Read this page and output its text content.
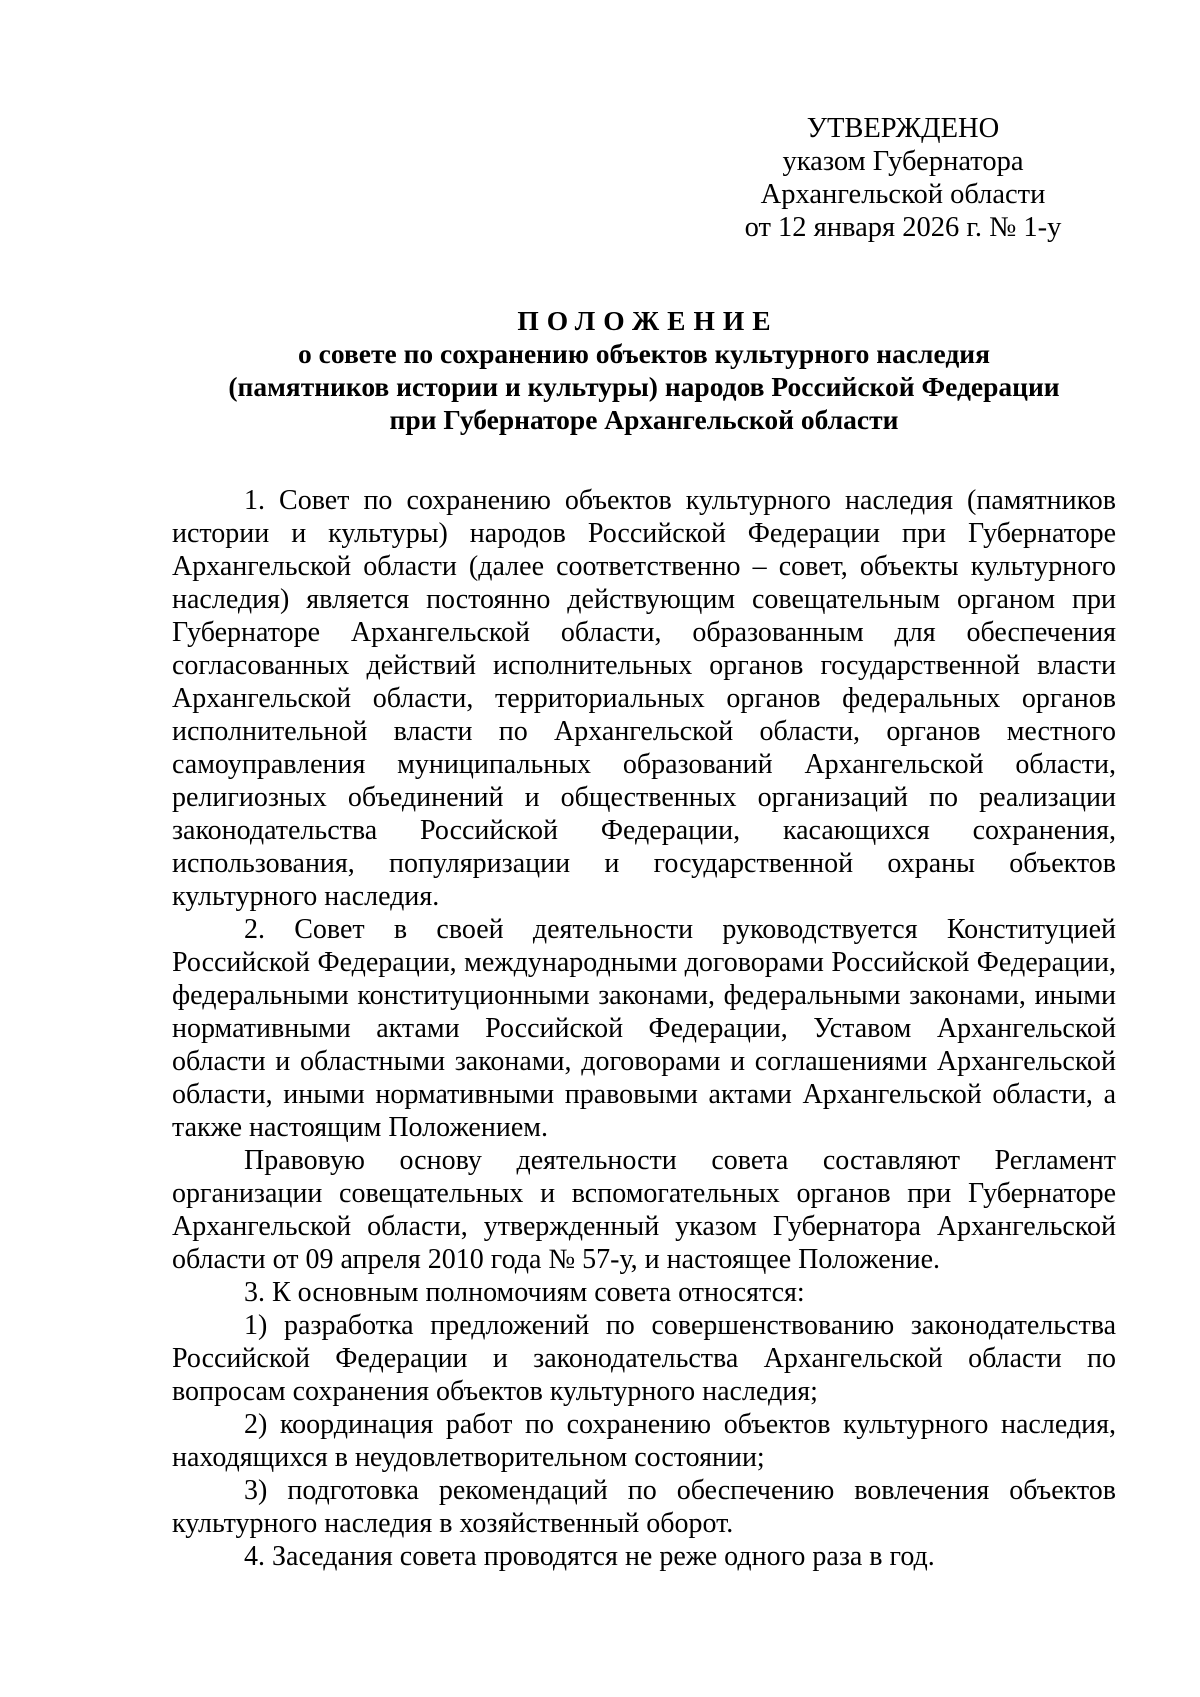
УТВЕРЖДЕНО
указом Губернатора
Архангельской области
от 12 января 2026 г. № 1-у
ПОЛОЖЕНИЕ
о совете по сохранению объектов культурного наследия
(памятников истории и культуры) народов Российской Федерации
при Губернаторе Архангельской области

1. Совет по сохранению объектов культурного наследия (памятников истории и культуры) народов Российской Федерации при Губернаторе Архангельской области (далее соответственно – совет, объекты культурного наследия) является постоянно действующим совещательным органом при Губернаторе Архангельской области, образованным для обеспечения согласованных действий исполнительных органов государственной власти Архангельской области, территориальных органов федеральных органов исполнительной власти по Архангельской области, органов местного самоуправления муниципальных образований Архангельской области, религиозных объединений и общественных организаций по реализации законодательства Российской Федерации, касающихся сохранения, использования, популяризации и государственной охраны объектов культурного наследия.

2. Совет в своей деятельности руководствуется Конституцией Российской Федерации, международными договорами Российской Федерации, федеральными конституционными законами, федеральными законами, иными нормативными актами Российской Федерации, Уставом Архангельской области и областными законами, договорами и соглашениями Архангельской области, иными нормативными правовыми актами Архангельской области, а также настоящим Положением.

Правовую основу деятельности совета составляют Регламент организации совещательных и вспомогательных органов при Губернаторе Архангельской области, утвержденный указом Губернатора Архангельской области от 09 апреля 2010 года № 57-у, и настоящее Положение.

3. К основным полномочиям совета относятся:

1) разработка предложений по совершенствованию законодательства Российской Федерации и законодательства Архангельской области по вопросам сохранения объектов культурного наследия;

2) координация работ по сохранению объектов культурного наследия, находящихся в неудовлетворительном состоянии;

3) подготовка рекомендаций по обеспечению вовлечения объектов культурного наследия в хозяйственный оборот.

4. Заседания совета проводятся не реже одного раза в год.
